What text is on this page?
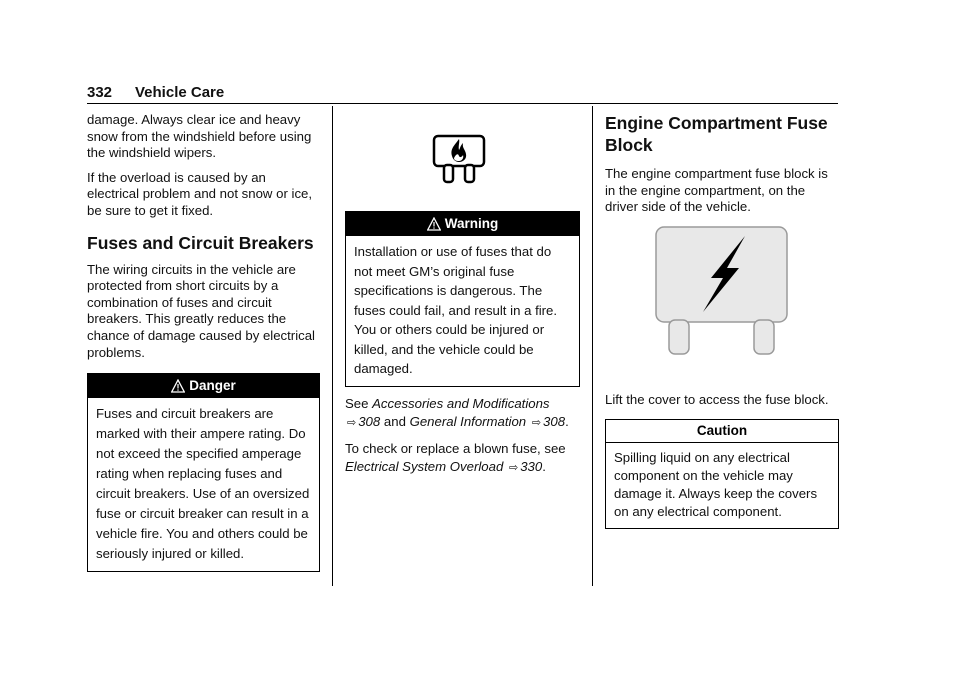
332 Vehicle Care

damage. Always clear ice and heavy snow from the windshield before using the windshield wipers.

If the overload is caused by an electrical problem and not snow or ice, be sure to get it fixed.

Fuses and Circuit Breakers

The wiring circuits in the vehicle are protected from short circuits by a combination of fuses and circuit breakers. This greatly reduces the chance of damage caused by electrical problems.

Danger
Fuses and circuit breakers are marked with their ampere rating. Do not exceed the specified amperage rating when replacing fuses and circuit breakers. Use of an oversized fuse or circuit breaker can result in a vehicle fire. You and others could be seriously injured or killed.
Warning
Installation or use of fuses that do not meet GM’s original fuse specifications is dangerous. The fuses could fail, and result in a fire. You or others could be injured or killed, and the vehicle could be damaged.

See Accessories and Modifications ⇨ 308 and General Information ⇨ 308.

To check or replace a blown fuse, see Electrical System Overload ⇨ 330.

Engine Compartment Fuse Block

The engine compartment fuse block is in the engine compartment, on the driver side of the vehicle.

Lift the cover to access the fuse block.

Caution
Spilling liquid on any electrical component on the vehicle may damage it. Always keep the covers on any electrical component.
